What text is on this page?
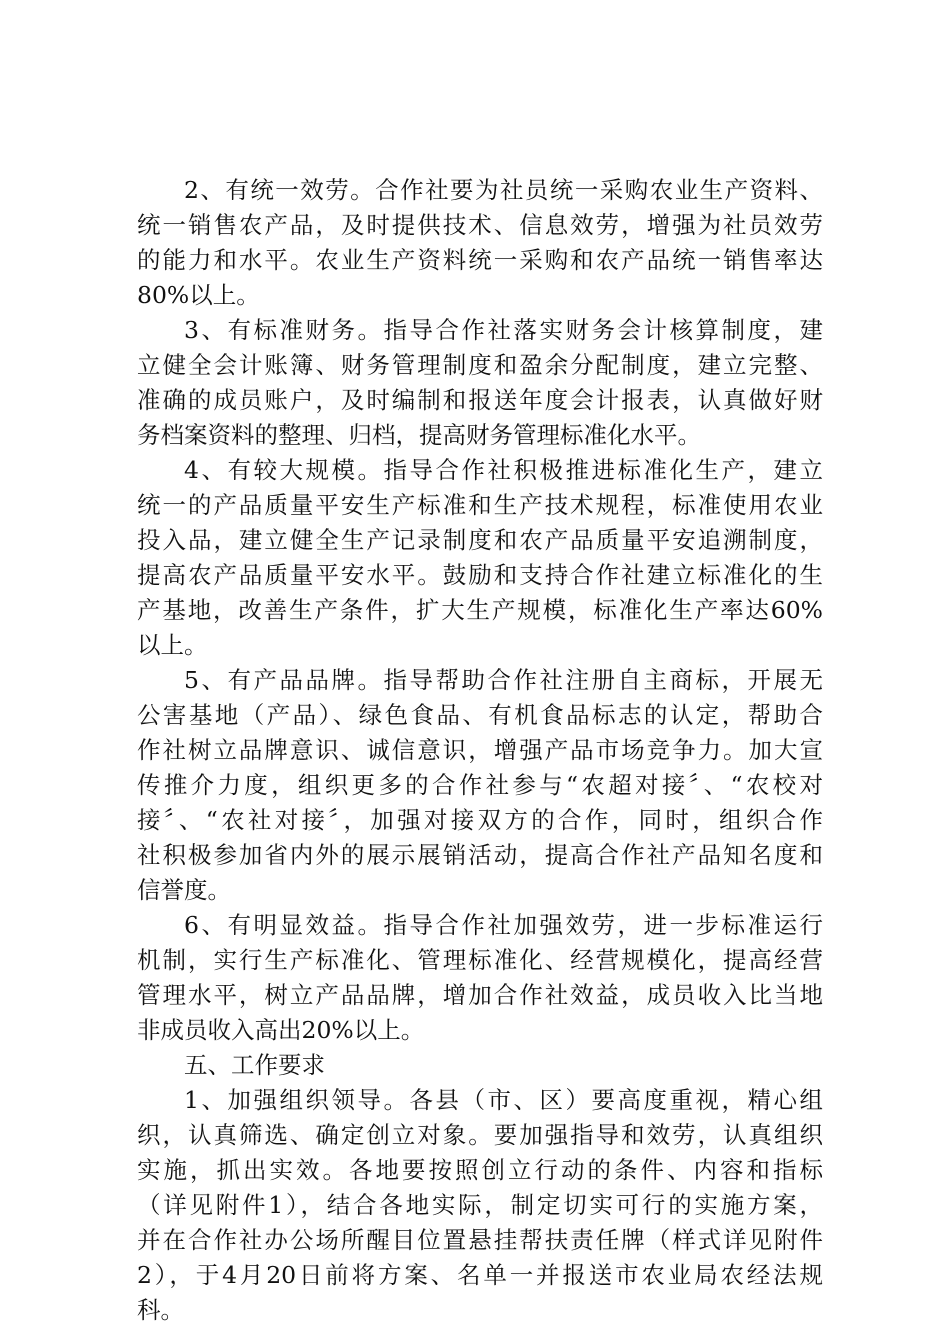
2、有统一效劳。合作社要为社员统一采购农业生产资料、
统一销售农产品，及时提供技术、信息效劳，增强为社员效劳
的能力和水平。农业生产资料统一采购和农产品统一销售率达
80%以上。
3、有标准财务。指导合作社落实财务会计核算制度，建
立健全会计账簿、财务管理制度和盈余分配制度，建立完整、
准确的成员账户，及时编制和报送年度会计报表，认真做好财
务档案资料的整理、归档，提高财务管理标准化水平。
4、有较大规模。指导合作社积极推进标准化生产，建立
统一的产品质量平安生产标准和生产技术规程，标准使用农业
投入品，建立健全生产记录制度和农产品质量平安追溯制度，
提高农产品质量平安水平。鼓励和支持合作社建立标准化的生
产基地，改善生产条件，扩大生产规模，标准化生产率达60%
以上。
5、有产品品牌。指导帮助合作社注册自主商标，开展无
公害基地（产品）、绿色食品、有机食品标志的认定，帮助合
作社树立品牌意识、诚信意识，增强产品市场竞争力。加大宣
传推介力度，组织更多的合作社参与“农超对接〞、“农校对
接〞、“农社对接〞，加强对接双方的合作，同时，组织合作
社积极参加省内外的展示展销活动，提高合作社产品知名度和
信誉度。
6、有明显效益。指导合作社加强效劳，进一步标准运行
机制，实行生产标准化、管理标准化、经营规模化，提高经营
管理水平，树立产品品牌，增加合作社效益，成员收入比当地
非成员收入高出20%以上。
五、工作要求
1、加强组织领导。各县（市、区）要高度重视，精心组
织，认真筛选、确定创立对象。要加强指导和效劳，认真组织
实施，抓出实效。各地要按照创立行动的条件、内容和指标
（详见附件1），结合各地实际，制定切实可行的实施方案，
并在合作社办公场所醒目位置悬挂帮扶责任牌（样式详见附件
2），于4月20日前将方案、名单一并报送市农业局农经法规
科。
